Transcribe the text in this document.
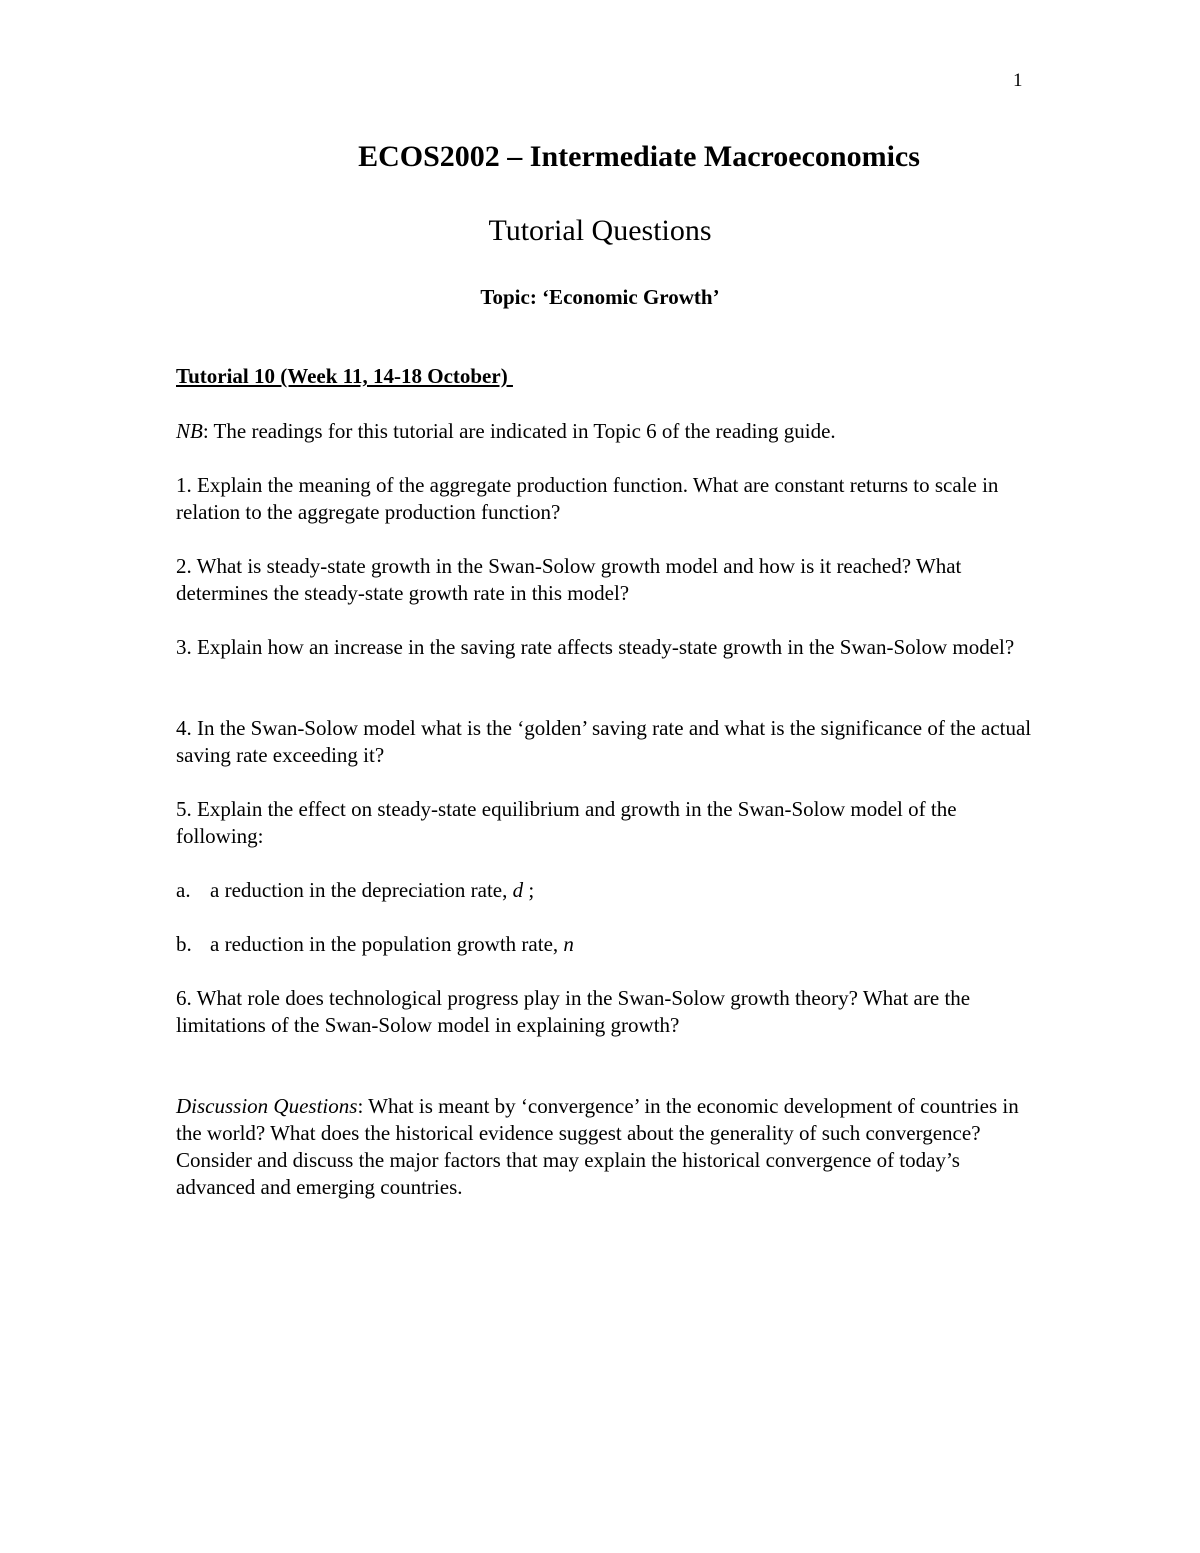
1
ECOS2002 – Intermediate Macroeconomics
Tutorial Questions

Topic: ‘Economic Growth’

Tutorial 10 (Week 11, 14-18 October)

NB: The readings for this tutorial are indicated in Topic 6 of the reading guide.

1. Explain the meaning of the aggregate production function. What are constant returns to scale in relation to the aggregate production function?

2. What is steady-state growth in the Swan-Solow growth model and how is it reached? What determines the steady-state growth rate in this model?

3. Explain how an increase in the saving rate affects steady-state growth in the Swan-Solow model?

4. In the Swan-Solow model what is the ‘golden’ saving rate and what is the significance of the actual saving rate exceeding it?

5. Explain the effect on steady-state equilibrium and growth in the Swan-Solow model of the following:

a. a reduction in the depreciation rate, d ;

b. a reduction in the population growth rate, n

6. What role does technological progress play in the Swan-Solow growth theory? What are the limitations of the Swan-Solow model in explaining growth?

Discussion Questions: What is meant by ‘convergence’ in the economic development of countries in the world? What does the historical evidence suggest about the generality of such convergence? Consider and discuss the major factors that may explain the historical convergence of today’s advanced and emerging countries.
